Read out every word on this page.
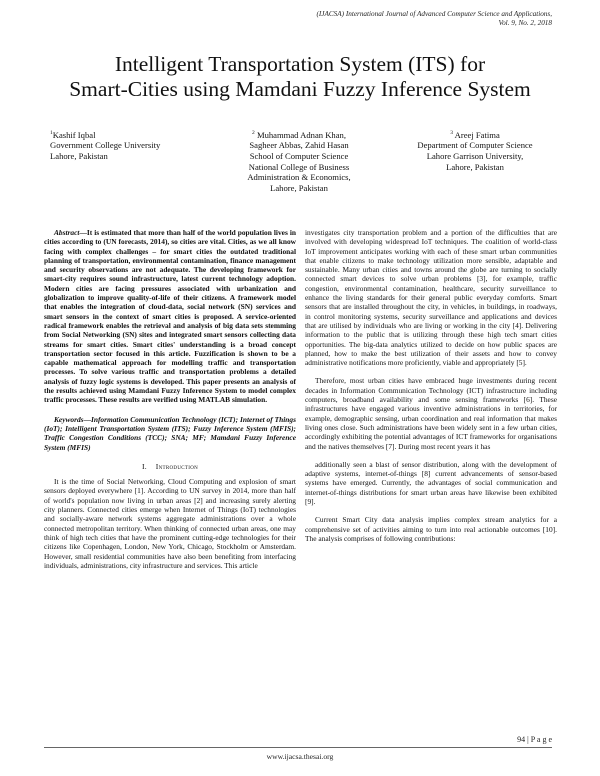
(IJACSA) International Journal of Advanced Computer Science and Applications,
Vol. 9, No. 2, 2018
Intelligent Transportation System (ITS) for
Smart-Cities using Mamdani Fuzzy Inference System
$^1$Kashif Iqbal
Government College University
Lahore, Pakistan
$^2$ Muhammad Adnan Khan,
Sagheer Abbas, Zahid Hasan
School of Computer Science
National College of Business
Administration & Economics,
Lahore, Pakistan
$^3$ Areej Fatima
Department of Computer Science
Lahore Garrison University,
Lahore, Pakistan

Abstract—It is estimated that more than half of the world population lives in cities according to (UN forecasts, 2014), so cities are vital. Cities, as we all know facing with complex challenges – for smart cities the outdated traditional planning of transportation, environmental contamination, finance management and security observations are not adequate. The developing framework for smart-city requires sound infrastructure, latest current technology adoption. Modern cities are facing pressures associated with urbanization and globalization to improve quality-of-life of their citizens. A framework model that enables the integration of cloud-data, social network (SN) services and smart sensors in the context of smart cities is proposed. A service-oriented radical framework enables the retrieval and analysis of big data sets stemming from Social Networking (SN) sites and integrated smart sensors collecting data streams for smart cities. Smart cities' understanding is a broad concept transportation sector focused in this article. Fuzzification is shown to be a capable mathematical approach for modelling traffic and transportation processes. To solve various traffic and transportation problems a detailed analysis of fuzzy logic systems is developed. This paper presents an analysis of the results achieved using Mamdani Fuzzy Inference System to model complex traffic processes. These results are verified using MATLAB simulation.

Keywords—Information Communication Technology (ICT); Internet of Things (IoT); Intelligent Transportation System (ITS); Fuzzy Inference System (MFIS); Traffic Congestion Conditions (TCC); SNA; MF; Mamdani Fuzzy Inference System (MFIS)

I. Introduction

It is the time of Social Networking, Cloud Computing and explosion of smart sensors deployed everywhere [1]. According to UN survey in 2014, more than half of world's population now living in urban areas [2] and increasing surely alerting city planners. Connected cities emerge when Internet of Things (IoT) technologies and socially-aware network systems aggregate administrations over a whole connected metropolitan territory. When thinking of connected urban areas, one may think of high tech cities that have the prominent cutting-edge technologies for their citizens like Copenhagen, London, New York, Chicago, Stockholm or Amsterdam. However, small residential communities have also been benefiting from interfacing individuals, administrations, city infrastructure and services. This article

investigates city transportation problem and a portion of the difficulties that are involved with developing widespread IoT techniques. The coalition of world-class IoT improvement anticipates working with each of these smart urban communities that enable citizens to make technology utilization more sensible, adaptable and sustainable. Many urban cities and towns around the globe are turning to socially connected smart devices to solve urban problems [3], for example, traffic congestion, environmental contamination, healthcare, security surveillance to enhance the living standards for their general public everyday comforts. Smart sensors that are installed throughout the city, in vehicles, in buildings, in roadways, in control monitoring systems, security surveillance and applications and devices that are utilised by individuals who are living or working in the city [4]. Delivering information to the public that is utilizing through these high tech smart cities opportunities. The big-data analytics utilized to decide on how public spaces are planned, how to make the best utilization of their assets and how to convey administrative notifications more proficiently, viable and appropriately [5].

Therefore, most urban cities have embraced huge investments during recent decades in Information Communication Technology (ICT) infrastructure including computers, broadband availability and some sensing frameworks [6]. These infrastructures have engaged various inventive administrations in territories, for example, demographic sensing, urban coordination and real information that makes living ones close. Such administrations have been widely sent in a few urban cities, accordingly exhibiting the potential advantages of ICT frameworks for organisations and the natives themselves [7]. During most recent years it has

additionally seen a blast of sensor distribution, along with the development of adaptive systems, internet-of-things [8] current advancements of sensor-based systems have emerged. Currently, the advantages of social communication and internet-of-things distributions for smart urban areas have likewise been exhibited [9].

Current Smart City data analysis implies complex stream analytics for a comprehensive set of activities aiming to turn into real actionable outcomes [10]. The analysis comprises of following contributions:

94 | P a g e
www.ijacsa.thesai.org
